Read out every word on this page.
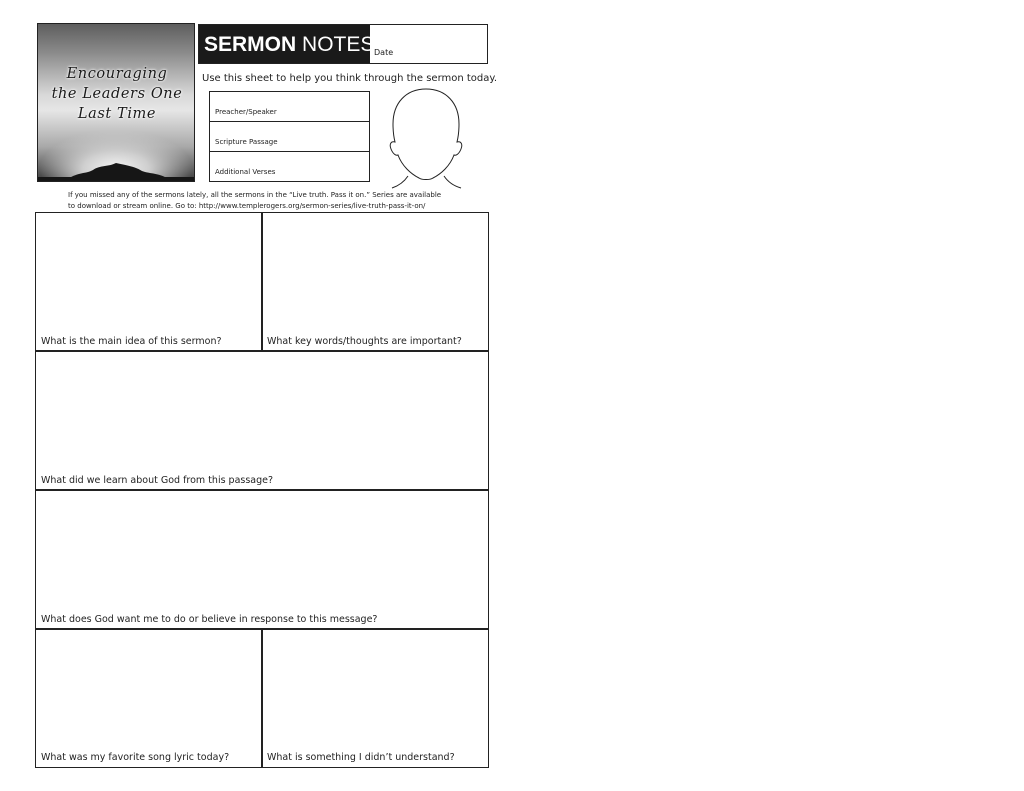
Encouraging
the Leaders One
Last Time
SERMON NOTES Date
Use this sheet to help you think through the sermon today.
Preacher/Speaker
Scripture Passage
Additional Verses
If you missed any of the sermons lately, all the sermons in the “Live truth. Pass it on.” Series are available
to download or stream online. Go to: http://www.templerogers.org/sermon-series/live-truth-pass-it-on/
What is the main idea of this sermon?	What key words/thoughts are important?
What did we learn about God from this passage?
What does God want me to do or believe in response to this message?
What was my favorite song lyric today?	What is something I didn’t understand?
